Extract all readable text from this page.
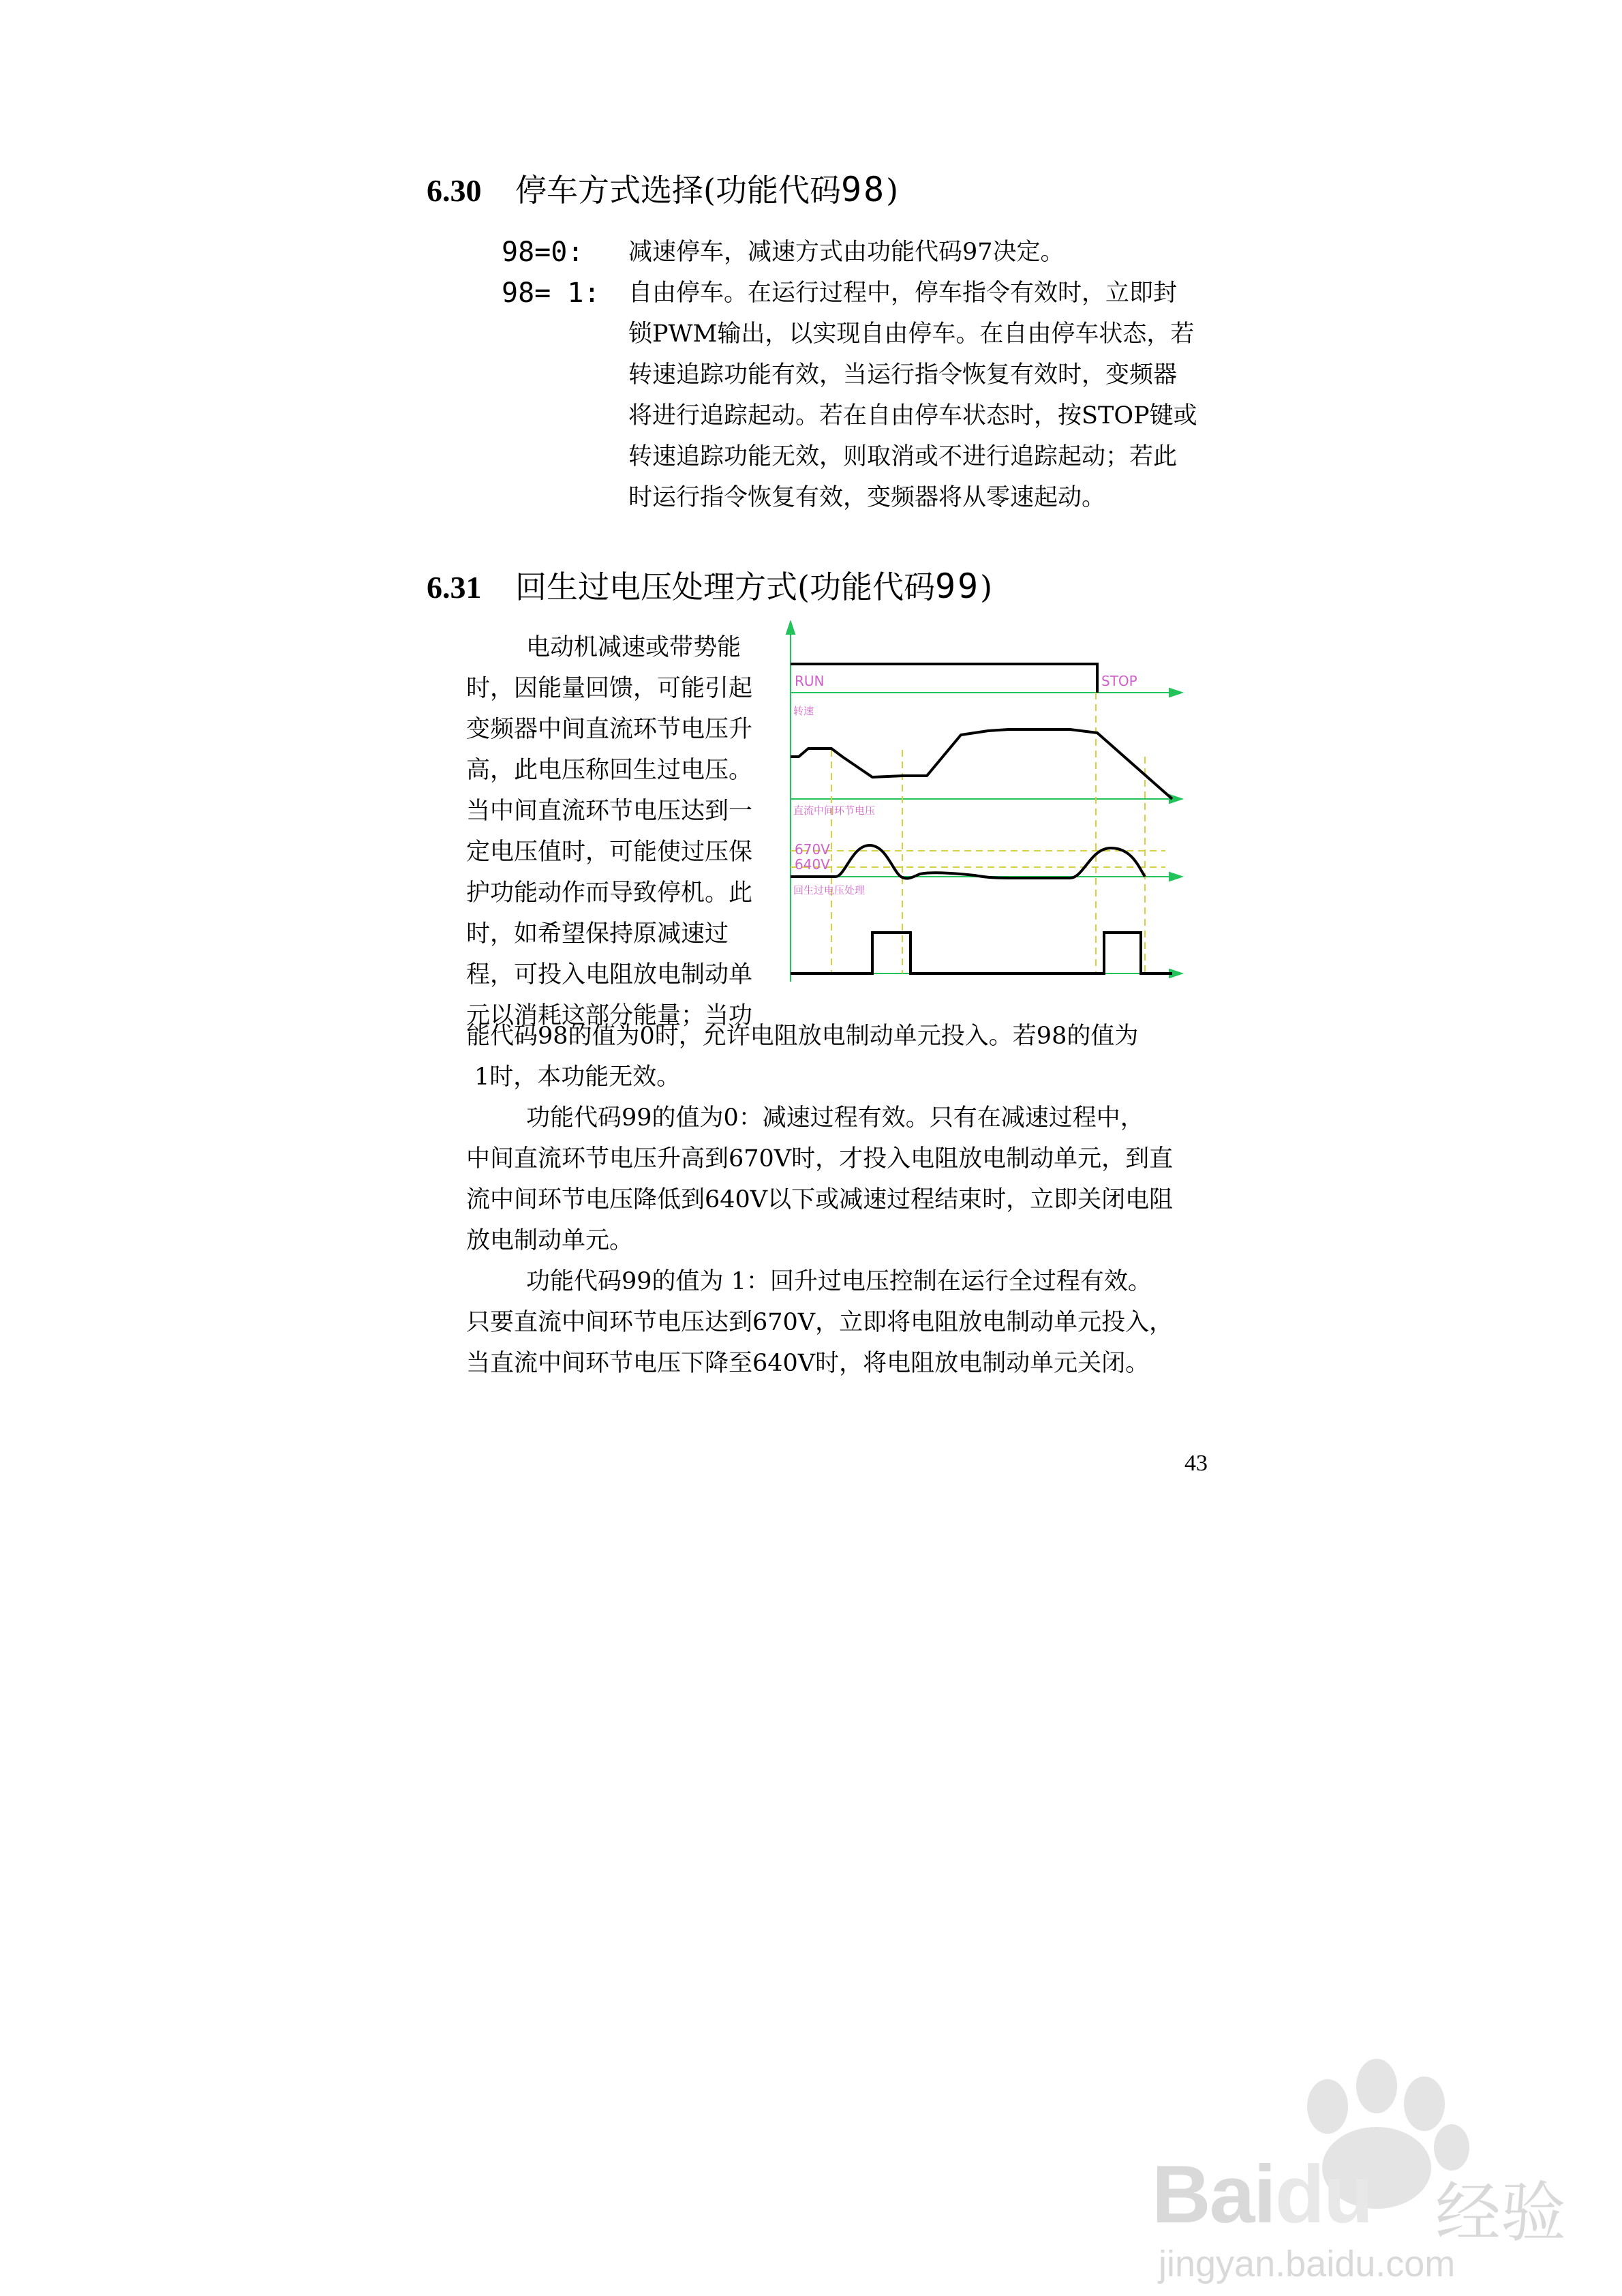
6.30 停车方式选择(功能代码98)
98=0: 减速停车，减速方式由功能代码97决定。
98= 1: 自由停车。在运行过程中，停车指令有效时，立即封
锁PWM输出，以实现自由停车。在自由停车状态，若
转速追踪功能有效，当运行指令恢复有效时，变频器
将进行追踪起动。若在自由停车状态时，按STOP键或
转速追踪功能无效，则取消或不进行追踪起动；若此
时运行指令恢复有效，变频器将从零速起动。
6.31 回生过电压处理方式(功能代码99)
电动机减速或带势能
时，因能量回馈，可能引起
变频器中间直流环节电压升
高，此电压称回生过电压。
当中间直流环节电压达到一
定电压值时，可能使过压保
护功能动作而导致停机。此
时，如希望保持原减速过
程，可投入电阻放电制动单
元以消耗这部分能量；当功
RUN	STOP
转速
直流中间环节电压
670V
640V
回生过电压处理
能代码98的值为0时，允许电阻放电制动单元投入。若98的值为
1时，本功能无效。
功能代码99的值为0：减速过程有效。只有在减速过程中，
中间直流环节电压升高到670V时，才投入电阻放电制动单元，到直
流中间环节电压降低到640V以下或减速过程结束时，立即关闭电阻
放电制动单元。
功能代码99的值为 1：回升过电压控制在运行全过程有效。
只要直流中间环节电压达到670V，立即将电阻放电制动单元投入，
当直流中间环节电压下降至640V时，将电阻放电制动单元关闭。
43
Baidu 经验
jingyan.baidu.com
